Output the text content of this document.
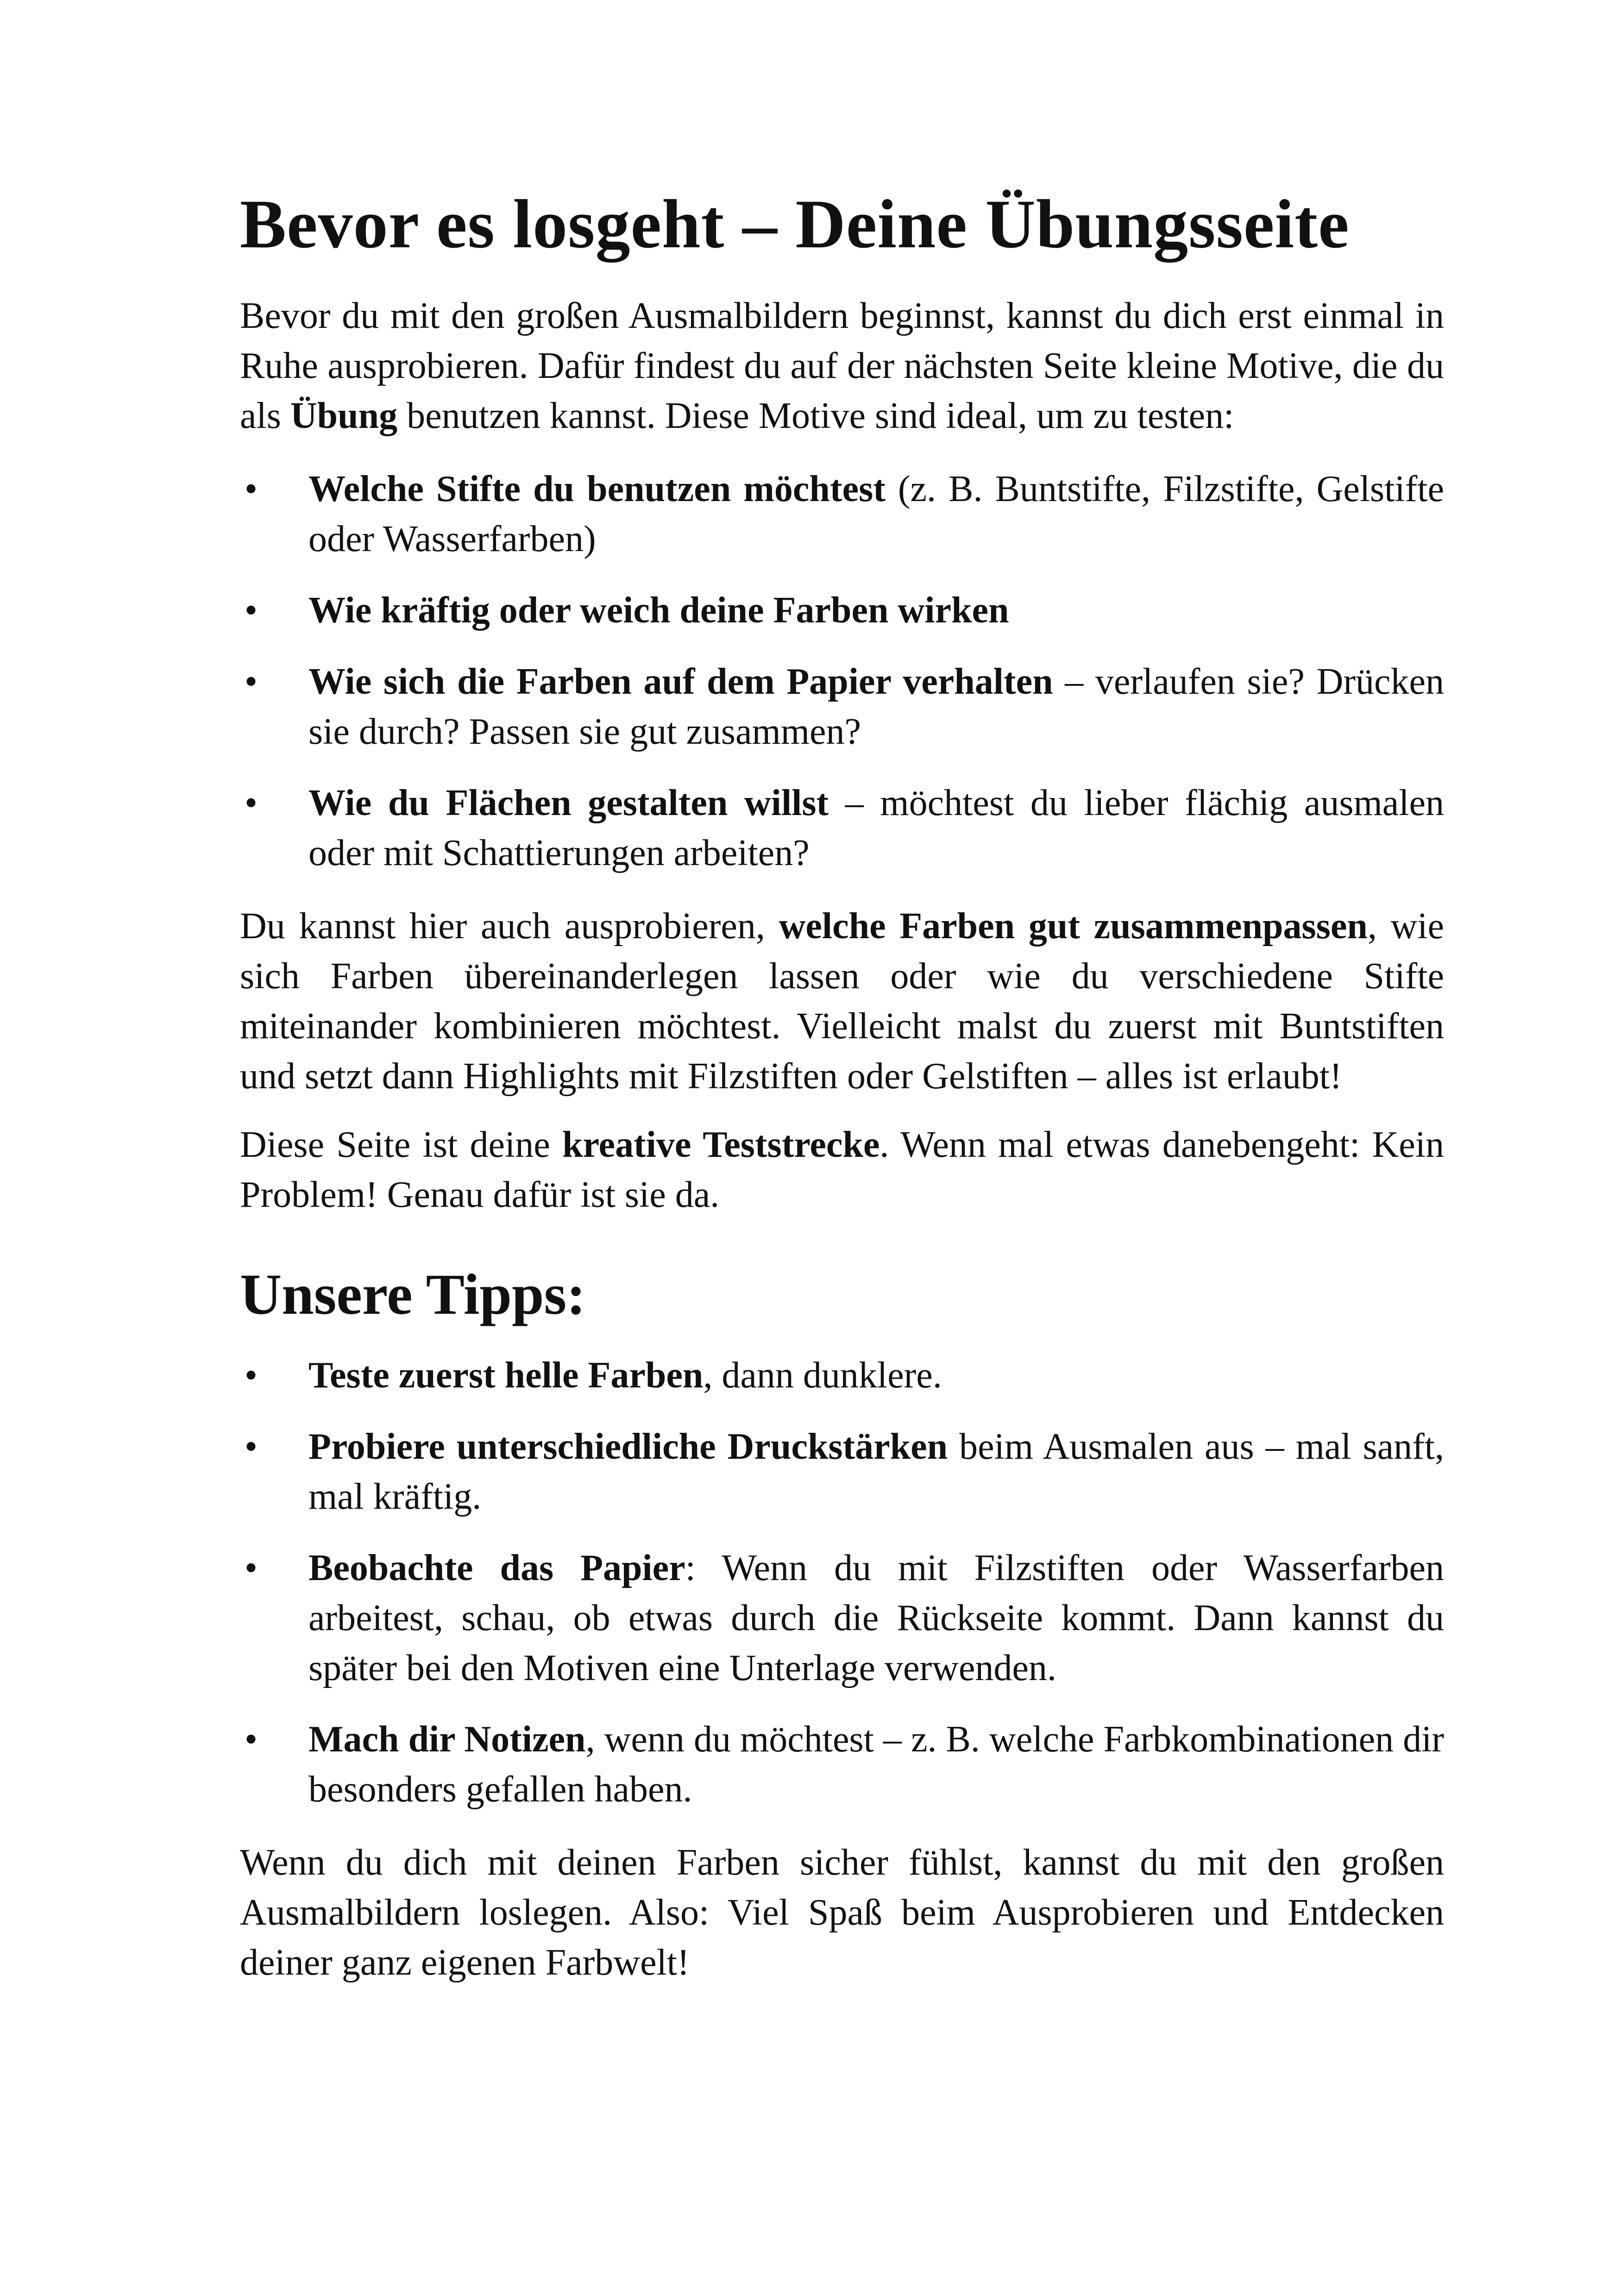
Bevor es losgeht – Deine Übungsseite

Bevor du mit den großen Ausmalbildern beginnst, kannst du dich erst einmal in Ruhe ausprobieren. Dafür findest du auf der nächsten Seite kleine Motive, die du als Übung benutzen kannst. Diese Motive sind ideal, um zu testen:

• Welche Stifte du benutzen möchtest (z. B. Buntstifte, Filzstifte, Gelstifte oder Wasserfarben)
• Wie kräftig oder weich deine Farben wirken
• Wie sich die Farben auf dem Papier verhalten – verlaufen sie? Drücken sie durch? Passen sie gut zusammen?
• Wie du Flächen gestalten willst – möchtest du lieber flächig ausmalen oder mit Schattierungen arbeiten?

Du kannst hier auch ausprobieren, welche Farben gut zusammenpassen, wie sich Farben übereinanderlegen lassen oder wie du verschiedene Stifte miteinander kombinieren möchtest. Vielleicht malst du zuerst mit Buntstiften und setzt dann Highlights mit Filzstiften oder Gelstiften – alles ist erlaubt!

Diese Seite ist deine kreative Teststrecke. Wenn mal etwas danebengeht: Kein Problem! Genau dafür ist sie da.

Unsere Tipps:
• Teste zuerst helle Farben, dann dunklere.
• Probiere unterschiedliche Druckstärken beim Ausmalen aus – mal sanft, mal kräftig.
• Beobachte das Papier: Wenn du mit Filzstiften oder Wasserfarben arbeitest, schau, ob etwas durch die Rückseite kommt. Dann kannst du später bei den Motiven eine Unterlage verwenden.
• Mach dir Notizen, wenn du möchtest – z. B. welche Farbkombinationen dir besonders gefallen haben.

Wenn du dich mit deinen Farben sicher fühlst, kannst du mit den großen Ausmalbildern loslegen. Also: Viel Spaß beim Ausprobieren und Entdecken deiner ganz eigenen Farbwelt!
